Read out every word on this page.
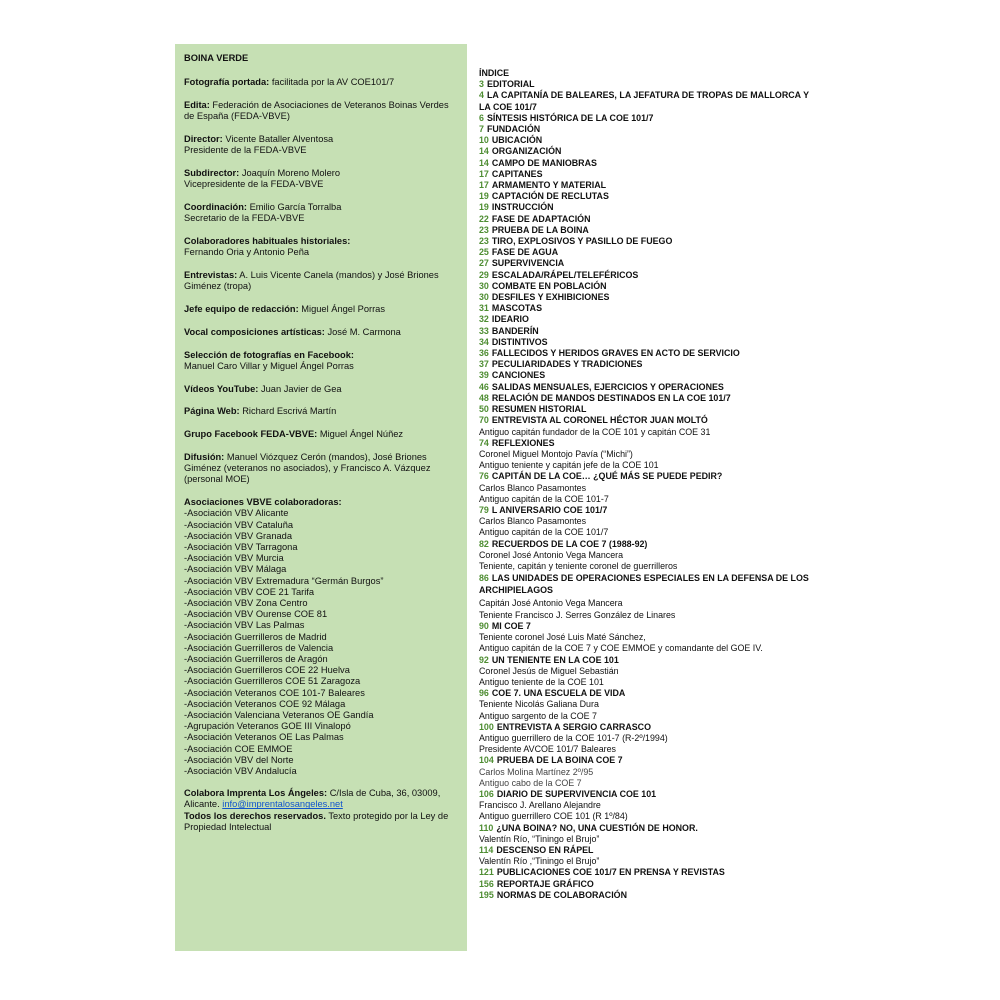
BOINA VERDE
Fotografía portada: facilitada por la AV COE101/7
Edita: Federación de Asociaciones de Veteranos Boinas Verdes de España (FEDA-VBVE)
Director: Vicente Bataller Alventosa
Presidente de la FEDA-VBVE
Subdirector: Joaquín Moreno Molero
Vicepresidente de la FEDA-VBVE
Coordinación: Emilio García Torralba
Secretario de la FEDA-VBVE
Colaboradores habituales historiales:
Fernando Oria y Antonio Peña
Entrevistas: A. Luis Vicente Canela (mandos) y José Briones Giménez (tropa)
Jefe equipo de redacción: Miguel Ángel Porras
Vocal composiciones artísticas: José M. Carmona
Selección de fotografías en Facebook:
Manuel Caro Villar y Miguel Ángel Porras
Vídeos YouTube: Juan Javier de Gea
Página Web: Richard Escrivá Martín
Grupo Facebook FEDA-VBVE: Miguel Ángel Núñez
Difusión: Manuel Viózquez Cerón (mandos), José Briones Giménez (veteranos no asociados), y Francisco A. Vázquez (personal MOE)
Asociaciones VBVE colaboradoras:
-Asociación VBV Alicante
-Asociación VBV Cataluña
-Asociación VBV Granada
-Asociación VBV Tarragona
-Asociación VBV Murcia
-Asociación VBV Málaga
-Asociación VBV Extremadura “Germán Burgos”
-Asociación VBV COE 21 Tarifa
-Asociación VBV Zona Centro
-Asociación VBV Ourense COE 81
-Asociación VBV Las Palmas
-Asociación Guerrilleros de Madrid
-Asociación Guerrilleros de Valencia
-Asociación Guerrilleros de Aragón
-Asociación Guerrilleros COE 22 Huelva
-Asociación Guerrilleros COE 51 Zaragoza
-Asociación Veteranos COE 101-7 Baleares
-Asociación Veteranos COE 92 Málaga
-Asociación Valenciana Veteranos OE Gandía
-Agrupación Veteranos GOE III Vinalopó
-Asociación Veteranos OE Las Palmas
-Asociación COE EMMOE
-Asociación VBV del Norte
-Asociación VBV Andalucía
Colabora Imprenta Los Ángeles: C/Isla de Cuba, 36, 03009, Alicante. info@imprentalosangeles.net
Todos los derechos reservados. Texto protegido por la Ley de Propiedad Intelectual
ÍNDICE
3 EDITORIAL
4 LA CAPITANÍA DE BALEARES, LA JEFATURA DE TROPAS DE MALLORCA Y LA COE 101/7
6 SÍNTESIS HISTÓRICA DE LA COE 101/7
7 FUNDACIÓN
10 UBICACIÓN
14 ORGANIZACIÓN
14 CAMPO DE MANIOBRAS
17 CAPITANES
17 ARMAMENTO Y MATERIAL
19 CAPTACIÓN DE RECLUTAS
19 INSTRUCCIÓN
22 FASE DE ADAPTACIÓN
23 PRUEBA DE LA BOINA
23 TIRO, EXPLOSIVOS Y PASILLO DE FUEGO
25 FASE DE AGUA
27 SUPERVIVENCIA
29 ESCALADA/RÁPEL/TELEFÉRICOS
30 COMBATE EN POBLACIÓN
30 DESFILES Y EXHIBICIONES
31 MASCOTAS
32 IDEARIO
33 BANDERÍN
34 DISTINTIVOS
36 FALLECIDOS Y HERIDOS GRAVES EN ACTO DE SERVICIO
37 PECULIARIDADES Y TRADICIONES
39 CANCIONES
46 SALIDAS MENSUALES, EJERCICIOS Y OPERACIONES
48 RELACIÓN DE MANDOS DESTINADOS EN LA COE 101/7
50 RESUMEN HISTORIAL
70 ENTREVISTA AL CORONEL HÉCTOR JUAN MOLTÓ
Antiguo capitán fundador de la COE 101 y capitán COE 31
74 REFLEXIONES
Coronel Miguel Montojo Pavía (“Michi”)
Antiguo teniente y capitán jefe de la COE 101
76 CAPITÁN DE LA COE… ¿QUÉ MÁS SE PUEDE PEDIR?
Carlos Blanco Pasamontes
Antiguo capitán de la COE 101-7
79 L ANIVERSARIO COE 101/7
Carlos Blanco Pasamontes
Antiguo capitán de la COE 101/7
82 RECUERDOS DE LA COE 7 (1988-92)
Coronel José Antonio Vega Mancera
Teniente, capitán y teniente coronel de guerrilleros
86 LAS UNIDADES DE OPERACIONES ESPECIALES EN LA DEFENSA DE LOS ARCHIPIELAGOS
Capitán José Antonio Vega Mancera
Teniente Francisco J. Serres González de Linares
90 MI COE 7
Teniente coronel José Luis Maté Sánchez,
Antiguo capitán de la COE 7 y COE EMMOE y comandante del GOE IV.
92 UN TENIENTE EN LA COE 101
Coronel Jesús de Miguel Sebastián
Antiguo teniente de la COE 101
96 COE 7. UNA ESCUELA DE VIDA
Teniente Nicolás Galiana Dura
Antiguo sargento de la COE 7
100 ENTREVISTA A SERGIO CARRASCO
Antiguo guerrillero de la COE 101-7 (R-2º/1994)
Presidente AVCOE 101/7 Baleares
104 PRUEBA DE LA BOINA COE 7
Carlos Molina Martínez 2º/95
Antiguo cabo de la COE 7
106 DIARIO DE SUPERVIVENCIA COE 101
Francisco J. Arellano Alejandre
Antiguo guerrillero COE 101 (R 1º/84)
110 ¿UNA BOINA? NO, UNA CUESTIÓN DE HONOR.
Valentín Río, “Tiningo el Brujo”
114 DESCENSO EN RÁPEL
Valentín Río ,“Tiningo el Brujo”
121 PUBLICACIONES COE 101/7 EN PRENSA Y REVISTAS
156 REPORTAJE GRÁFICO
195 NORMAS DE COLABORACIÓN
